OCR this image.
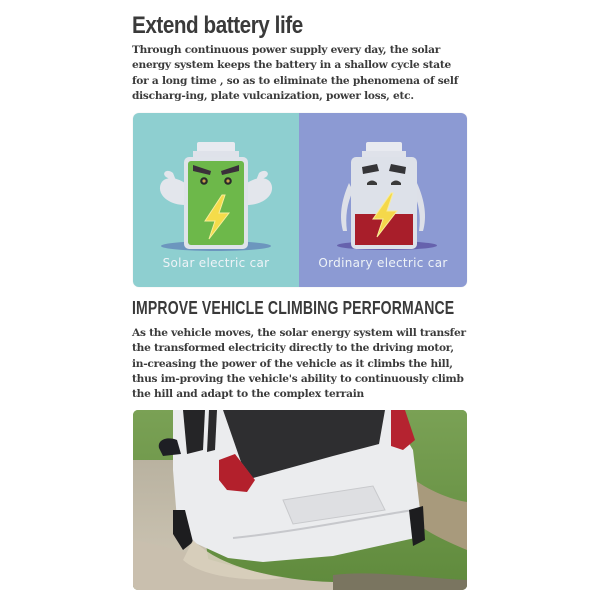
Extend battery life
Through continuous power supply every day, the solar energy system keeps the battery in a shallow cycle state for a long time , so as to eliminate the phenomena of self discharg-ing, plate vulcanization, power loss, etc.
Solar electric car	Ordinary electric car
IMPROVE VEHICLE CLIMBING PERFORMANCE
As the vehicle moves, the solar energy system will transfer the transformed electricity directly to the driving motor, in-creasing the power of the vehicle as it climbs the hill, thus im-proving the vehicle's ability to continuously climb the hill and adapt to the complex terrain
